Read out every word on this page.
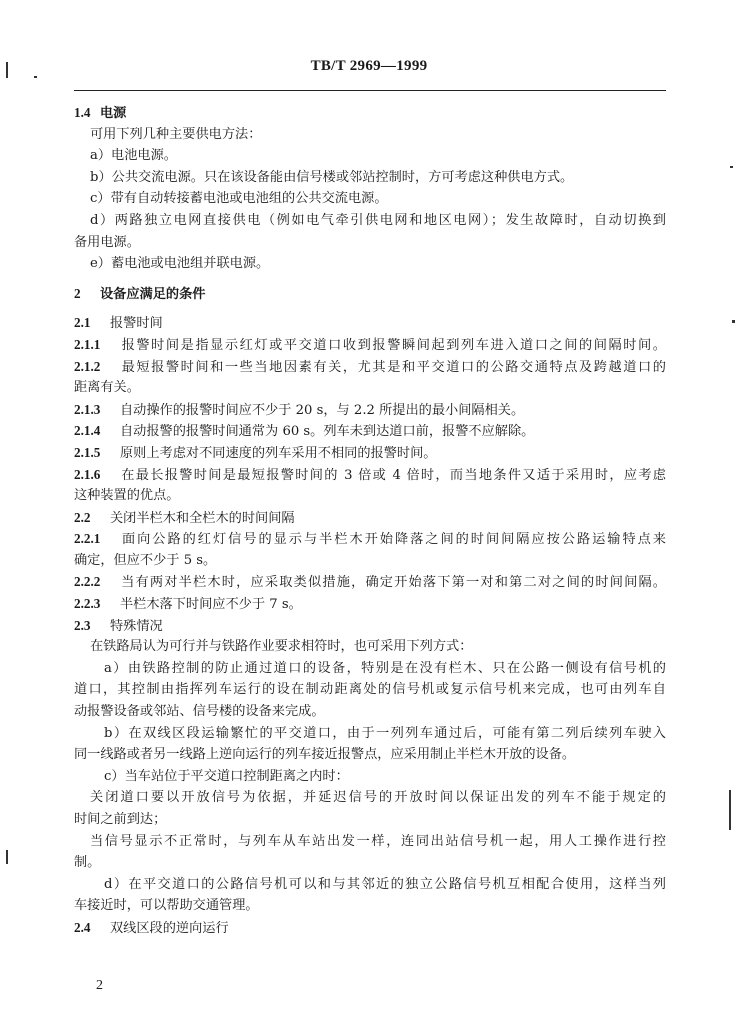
TB/T 2969—1999
1.4 电源
可用下列几种主要供电方法：
a）电池电源。
b）公共交流电源。只在该设备能由信号楼或邻站控制时，方可考虑这种供电方式。
c）带有自动转接蓄电池或电池组的公共交流电源。
d）两路独立电网直接供电（例如电气牵引供电网和地区电网）；发生故障时，自动切换到
备用电源。
e）蓄电池或电池组并联电源。
2 设备应满足的条件
2.1 报警时间
2.1.1 报警时间是指显示红灯或平交道口收到报警瞬间起到列车进入道口之间的间隔时间。
2.1.2 最短报警时间和一些当地因素有关，尤其是和平交道口的公路交通特点及跨越道口的
距离有关。
2.1.3 自动操作的报警时间应不少于 20 s，与 2.2 所提出的最小间隔相关。
2.1.4 自动报警的报警时间通常为 60 s。列车未到达道口前，报警不应解除。
2.1.5 原则上考虑对不同速度的列车采用不相同的报警时间。
2.1.6 在最长报警时间是最短报警时间的 3 倍或 4 倍时，而当地条件又适于采用时，应考虑
这种装置的优点。
2.2 关闭半栏木和全栏木的时间间隔
2.2.1 面向公路的红灯信号的显示与半栏木开始降落之间的时间间隔应按公路运输特点来
确定，但应不少于 5 s。
2.2.2 当有两对半栏木时，应采取类似措施，确定开始落下第一对和第二对之间的时间间隔。
2.2.3 半栏木落下时间应不少于 7 s。
2.3 特殊情况
在铁路局认为可行并与铁路作业要求相符时，也可采用下列方式：
a）由铁路控制的防止通过道口的设备，特别是在没有栏木、只在公路一侧设有信号机的
道口，其控制由指挥列车运行的设在制动距离处的信号机或复示信号机来完成，也可由列车自
动报警设备或邻站、信号楼的设备来完成。
b）在双线区段运输繁忙的平交道口，由于一列列车通过后，可能有第二列后续列车驶入
同一线路或者另一线路上逆向运行的列车接近报警点，应采用制止半栏木开放的设备。
c）当车站位于平交道口控制距离之内时：
关闭道口要以开放信号为依据，并延迟信号的开放时间以保证出发的列车不能于规定的
时间之前到达；
当信号显示不正常时，与列车从车站出发一样，连同出站信号机一起，用人工操作进行控
制。
d）在平交道口的公路信号机可以和与其邻近的独立公路信号机互相配合使用，这样当列
车接近时，可以帮助交通管理。
2.4 双线区段的逆向运行
2
